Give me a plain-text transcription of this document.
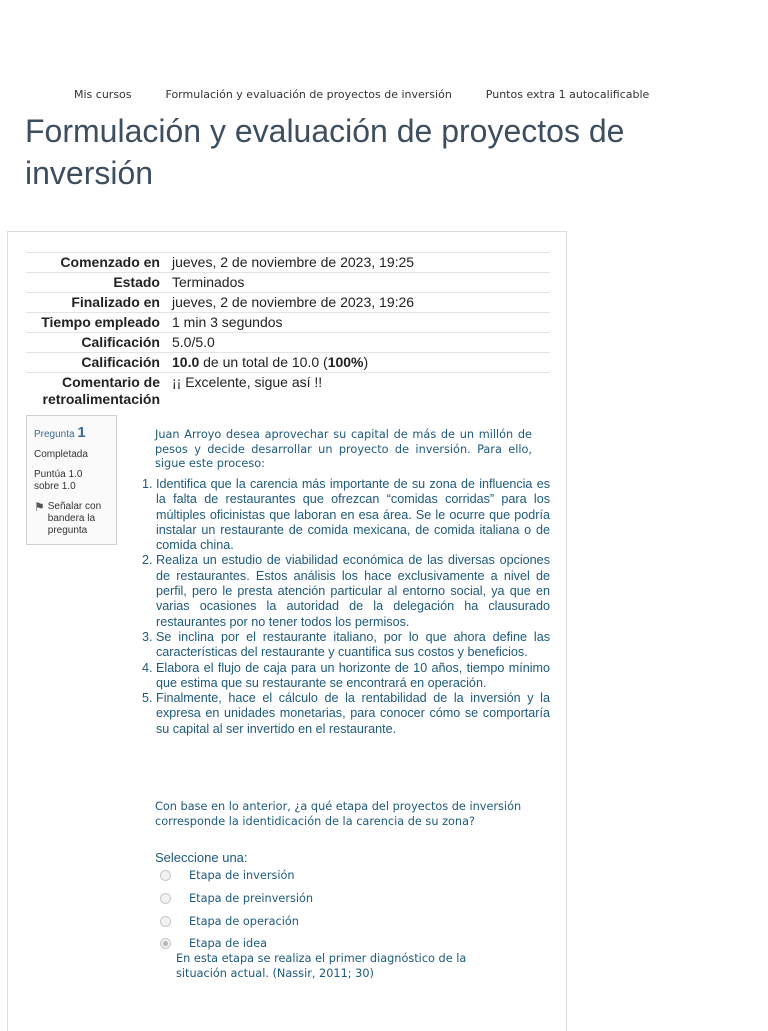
Mis cursos	Formulación y evaluación de proyectos de inversión	Puntos extra 1 autocalificable
Formulación y evaluación de proyectos de inversión
Comenzado en	jueves, 2 de noviembre de 2023, 19:25
Estado	Terminados
Finalizado en	jueves, 2 de noviembre de 2023, 19:26
Tiempo empleado	1 min 3 segundos
Calificación	5.0/5.0
Calificación	10.0 de un total de 10.0 (100%)
Comentario de
retroalimentación	¡¡ Excelente, sigue así !!
Pregunta 1
Completada
Puntúa 1.0 sobre 1.0
⚑ Señalar con bandera la pregunta
Juan Arroyo desea aprovechar su capital de más de un millón de pesos y decide desarrollar un proyecto de inversión. Para ello, sigue este proceso:
1. Identifica que la carencia más importante de su zona de influencia es la falta de restaurantes que ofrezcan “comidas corridas” para los múltiples oficinistas que laboran en esa área. Se le ocurre que podría instalar un restaurante de comida mexicana, de comida italiana o de comida china.
2. Realiza un estudio de viabilidad económica de las diversas opciones de restaurantes. Estos análisis los hace exclusivamente a nivel de perfil, pero le presta atención particular al entorno social, ya que en varias ocasiones la autoridad de la delegación ha clausurado restaurantes por no tener todos los permisos.
3. Se inclina por el restaurante italiano, por lo que ahora define las características del restaurante y cuantifica sus costos y beneficios.
4. Elabora el flujo de caja para un horizonte de 10 años, tiempo mínimo que estima que su restaurante se encontrará en operación.
5. Finalmente, hace el cálculo de la rentabilidad de la inversión y la expresa en unidades monetarias, para conocer cómo se comportaría su capital al ser invertido en el restaurante.
Con base en lo anterior, ¿a qué etapa del proyectos de inversión corresponde la identidicación de la carencia de su zona?
Seleccione una:
Etapa de inversión
Etapa de preinversión
Etapa de operación
Etapa de idea
En esta etapa se realiza el primer diagnóstico de la situación actual. (Nassir, 2011; 30)
